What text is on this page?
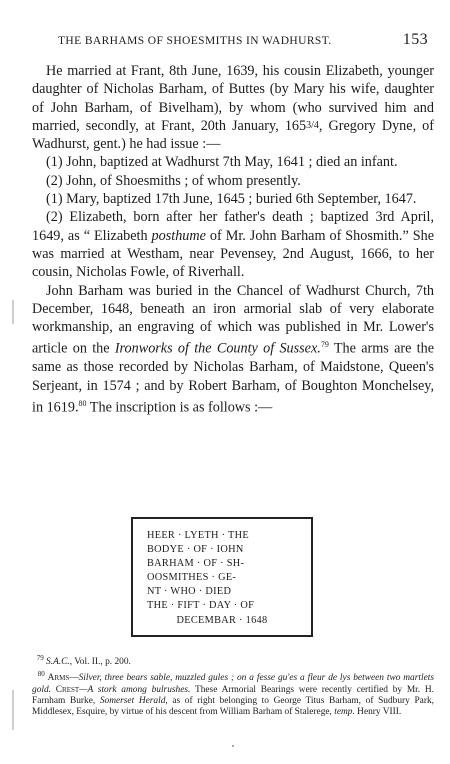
THE BARHAMS OF SHOESMITHS IN WADHURST.	153

He married at Frant, 8th June, 1639, his cousin Elizabeth, younger daughter of Nicholas Barham, of Buttes (by Mary his wife, daughter of John Barham, of Bivelham), by whom (who survived him and married, secondly, at Frant, 20th January, 1653/4, Gregory Dyne, of Wadhurst, gent.) he had issue :—

(1) John, baptized at Wadhurst 7th May, 1641 ; died an infant.

(2) John, of Shoesmiths ; of whom presently.

(1) Mary, baptized 17th June, 1645 ; buried 6th September, 1647.

(2) Elizabeth, born after her father's death ; baptized 3rd April, 1649, as “ Elizabeth posthume of Mr. John Barham of Shosmith.” She was married at Westham, near Pevensey, 2nd August, 1666, to her cousin, Nicholas Fowle, of Riverhall.

John Barham was buried in the Chancel of Wadhurst Church, 7th December, 1648, beneath an iron armorial slab of very elaborate workmanship, an engraving of which was published in Mr. Lower's article on the Ironworks of the County of Sussex.$^{79}$ The arms are the same as those recorded by Nicholas Barham, of Maidstone, Queen's Serjeant, in 1574 ; and by Robert Barham, of Boughton Monchelsey, in 1619.80 The inscription is as follows :—

HEER · LYETH · THE
BODYE · OF · IOHN
BARHAM · OF · SH-
OOSMITHES · GE-
NT · WHO · DIED
THE · FIFT · DAY · OF
DECEMBAR · 1648

$^{79}$ S.A.C., Vol. II., p. 200.

$^{80}$ Arms—Silver, three bears sable, muzzled gules ; on a fesse gu'es a fleur de lys between two martlets gold. Crest—A stork among bulrushes. These Armorial Bearings were recently certified by Mr. H. Farnham Burke, Somerset Herald, as of right belonging to George Titus Barham, of Sudbury Park, Middlesex, Esquire, by virtue of his descent from William Barham of Stalerege, temp. Henry VIII.
